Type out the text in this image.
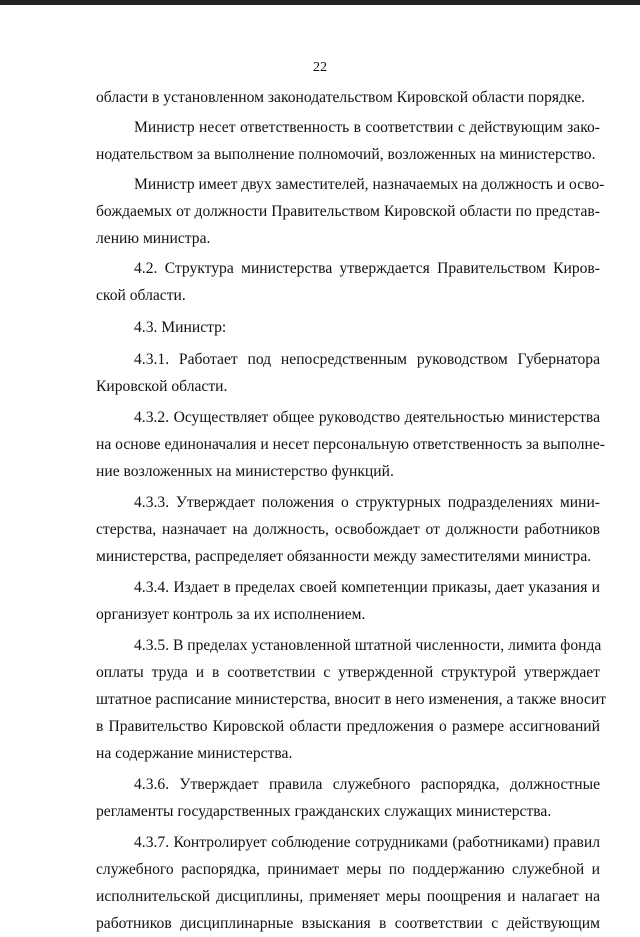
22

области в установленном законодательством Кировской области порядке.

Министр несет ответственность в соответствии с действующим зако-
нодательством за выполнение полномочий, возложенных на министерство.

Министр имеет двух заместителей, назначаемых на должность и осво-
бождаемых от должности Правительством Кировской области по представ-
лению министра.

4.2. Структура министерства утверждается Правительством Киров-
ской области.

4.3. Министр:

4.3.1. Работает под непосредственным руководством Губернатора
Кировской области.

4.3.2. Осуществляет общее руководство деятельностью министерства
на основе единоначалия и несет персональную ответственность за выполне-
ние возложенных на министерство функций.

4.3.3. Утверждает положения о структурных подразделениях мини-
стерства, назначает на должность, освобождает от должности работников
министерства, распределяет обязанности между заместителями министра.

4.3.4. Издает в пределах своей компетенции приказы, дает указания и
организует контроль за их исполнением.

4.3.5. В пределах установленной штатной численности, лимита фонда
оплаты труда и в соответствии с утвержденной структурой утверждает
штатное расписание министерства, вносит в него изменения, а также вносит
в Правительство Кировской области предложения о размере ассигнований
на содержание министерства.

4.3.6. Утверждает правила служебного распорядка, должностные
регламенты государственных гражданских служащих министерства.

4.3.7. Контролирует соблюдение сотрудниками (работниками) правил
служебного распорядка, принимает меры по поддержанию служебной и
исполнительской дисциплины, применяет меры поощрения и налагает на
работников дисциплинарные взыскания в соответствии с действующим
